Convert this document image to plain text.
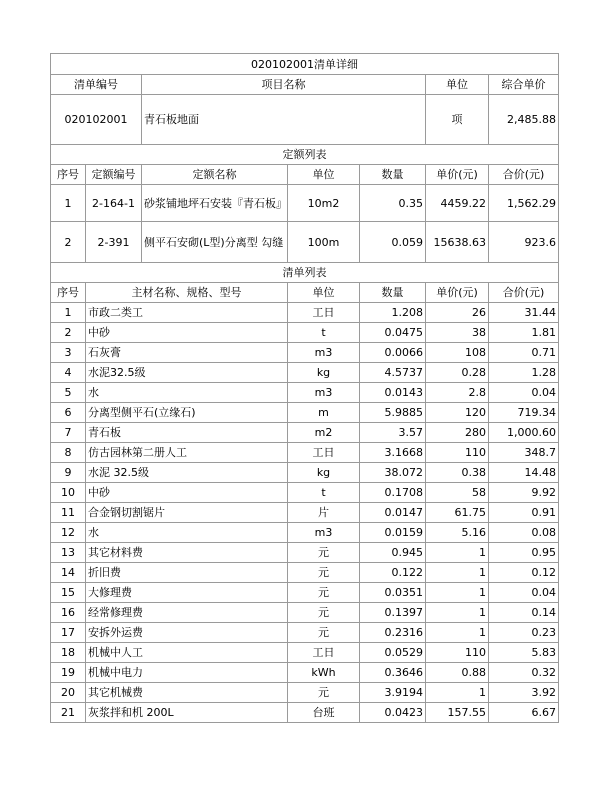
020102001清单详细						
清单编号		项目名称			单位	综合单价
020102001		青石板地面			项	2,485.88
定额列表						
序号	定额编号	定额名称	单位	数量	单价(元)	合价(元)
1	2-164-1	砂浆铺地坪石安装『青石板』	10m2	0.35	4459.22	1,562.29
2	2-391	侧平石安砌(L型)分离型 勾缝	100m	0.059	15638.63	923.6
清单列表						
序号	主材名称、规格、型号		单位	数量	单价(元)	合价(元)
1	市政二类工		工日	1.208	26	31.44
2	中砂		t	0.0475	38	1.81
3	石灰膏		m3	0.0066	108	0.71
4	水泥32.5级		kg	4.5737	0.28	1.28
5	水		m3	0.0143	2.8	0.04
6	分离型侧平石(立缘石)		m	5.9885	120	719.34
7	青石板		m2	3.57	280	1,000.60
8	仿古园林第二册人工		工日	3.1668	110	348.7
9	水泥 32.5级		kg	38.072	0.38	14.48
10	中砂		t	0.1708	58	9.92
11	合金钢切割锯片		片	0.0147	61.75	0.91
12	水		m3	0.0159	5.16	0.08
13	其它材料费		元	0.945	1	0.95
14	折旧费		元	0.122	1	0.12
15	大修理费		元	0.0351	1	0.04
16	经常修理费		元	0.1397	1	0.14
17	安拆外运费		元	0.2316	1	0.23
18	机械中人工		工日	0.0529	110	5.83
19	机械中电力		kWh	0.3646	0.88	0.32
20	其它机械费		元	3.9194	1	3.92
21	灰浆拌和机 200L		台班	0.0423	157.55	6.67
